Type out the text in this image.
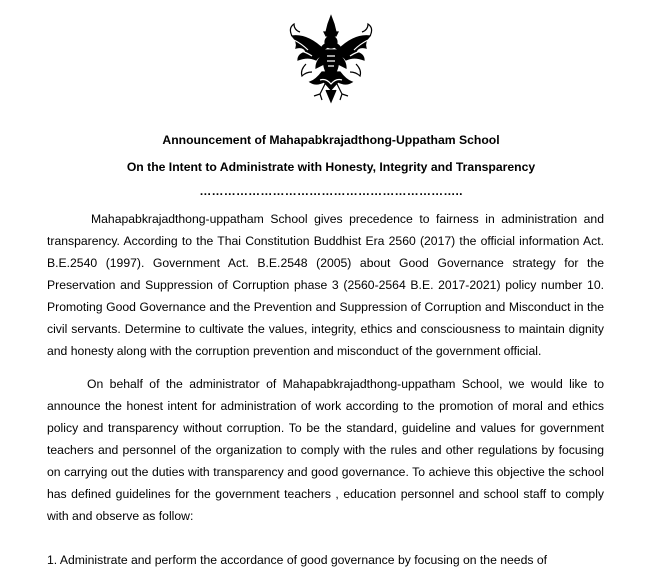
Announcement of Mahapabkrajadthong-Uppatham School
On the Intent to Administrate with Honesty, Integrity and Transparency
………………………………………………………..
Mahapabkrajadthong-uppatham School gives precedence to fairness in administration and transparency. According to the Thai Constitution Buddhist Era 2560 (2017) the official information Act. B.E.2540 (1997). Government Act. B.E.2548 (2005) about Good Governance strategy for the Preservation and Suppression of Corruption phase 3 (2560-2564 B.E. 2017-2021) policy number 10. Promoting Good Governance and the Prevention and Suppression of Corruption and Misconduct in the civil servants. Determine to cultivate the values, integrity, ethics and consciousness to maintain dignity and honesty along with the corruption prevention and misconduct of the government official.
On behalf of the administrator of Mahapabkrajadthong-uppatham School, we would like to announce the honest intent for administration of work according to the promotion of moral and ethics policy and transparency without corruption. To be the standard, guideline and values for government teachers and personnel of the organization to comply with the rules and other regulations by focusing on carrying out the duties with transparency and good governance. To achieve this objective the school has defined guidelines for the government teachers , education personnel and school staff to comply with and observe as follow:
1. Administrate and perform the accordance of good governance by focusing on the needs of
